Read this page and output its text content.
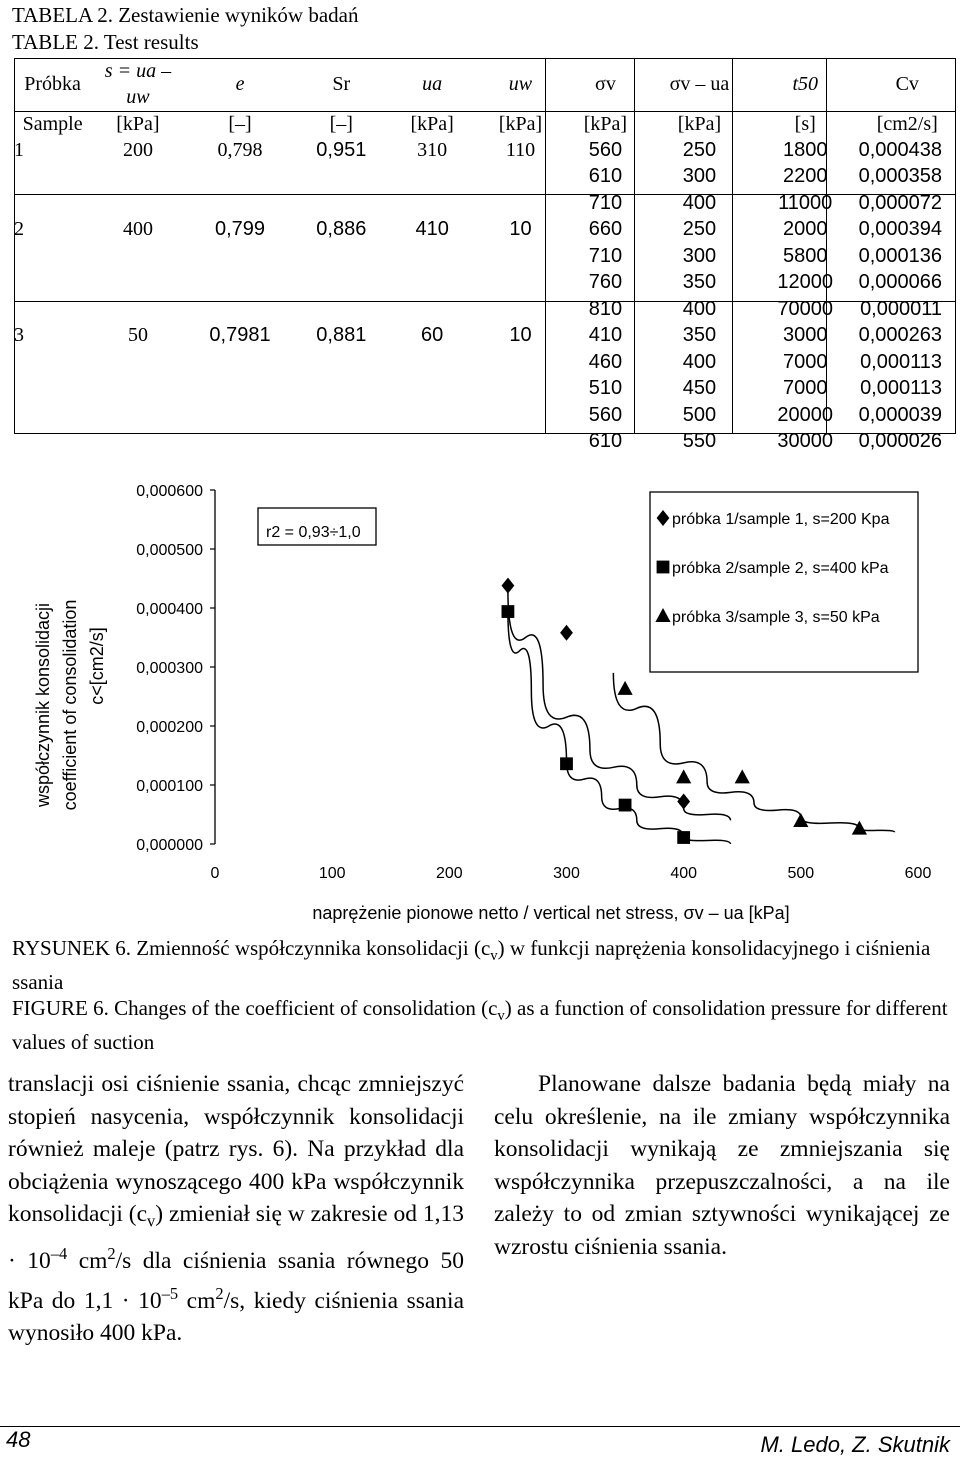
TABELA 2. Zestawienie wyników badań
TABLE 2. Test results
Próbka	s = ua – uw	e	Sr	ua	uw	σv	σv – ua	t50	Cv
Sample	[kPa]	[–]	[–]	[kPa]	[kPa]	[kPa]	[kPa]	[s]	[cm2/s]
1	200	0,798	0,951	310	110	560	250	1800	0,000438
						610	300	2200	0,000358
						710	400	11000	0,000072
2	400	0,799	0,886	410	10	660	250	2000	0,000394
						710	300	5800	0,000136
						760	350	12000	0,000066
						810	400	70000	0,000011
3	50	0,7981	0,881	60	10	410	350	3000	0,000263
						460	400	7000	0,000113
						510	450	7000	0,000113
						560	500	20000	0,000039
						610	550	30000	0,000026
współczynnik konsolidacji coefficient of consolidation c<[cm2/s]
0,000000
0,000100
0,000200
0,000300
0,000400
0,000500
0,000600
0	100	200	300	400	500	600
r2 = 0,93÷1,0
próbka 1/sample 1, s=200 Kpa
próbka 2/sample 2, s=400 kPa
próbka 3/sample 3, s=50 kPa
naprężenie pionowe netto / vertical net stress, σv – ua [kPa]
RYSUNEK 6. Zmienność współczynnika konsolidacji $(c_v)$ w funkcji naprężenia konsolidacyjnego i ciśnienia ssania
FIGURE 6. Changes of the coefficient of consolidation $(c_v)$ as a function of consolidation pressure for different values of suction
translacji osi ciśnienie ssania, chcąc zmniejszyć stopień nasycenia, współczynnik konsolidacji również maleje (patrz rys. 6). Na przykład dla obciążenia wynoszącego 400 kPa współczynnik konsolidacji $(c_v)$ zmieniał się w zakresie od $1,13 \cdot 10^{-4}$ $cm^2/s$ dla ciśnienia ssania równego 50 kPa do $1,1 \cdot 10^{-5}$ $cm^2/s$, kiedy ciśnienia ssania wynosiło 400 kPa.
Planowane dalsze badania będą miały na celu określenie, na ile zmiany współczynnika konsolidacji wynikają ze zmniejszania się współczynnika przepuszczalności, a na ile zależy to od zmian sztywności wynikającej ze wzrostu ciśnienia ssania.
48	M. Ledo, Z. Skutnik
